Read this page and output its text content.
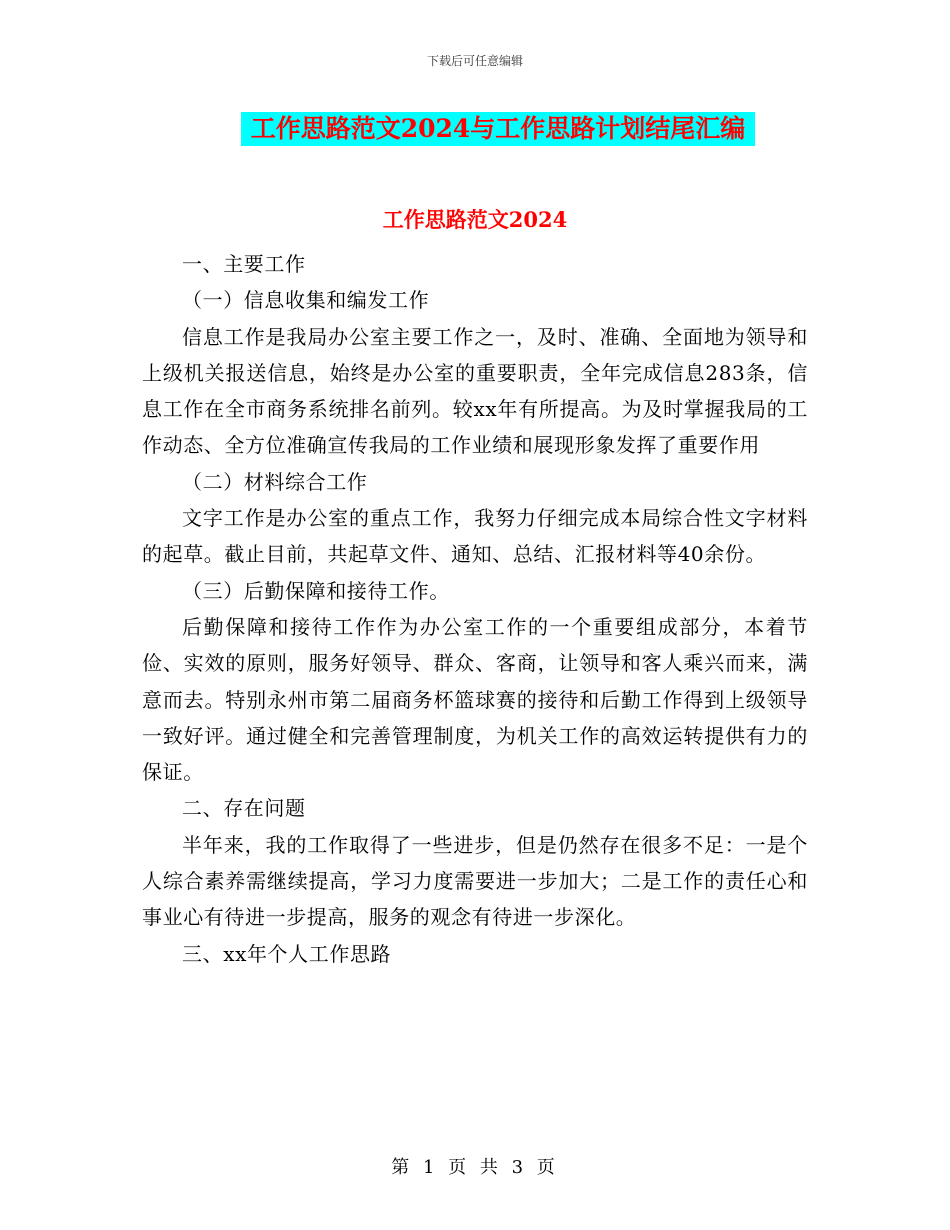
下载后可任意编辑
工作思路范文2024与工作思路计划结尾汇编
工作思路范文2024

一、主要工作

（一）信息收集和编发工作

信息工作是我局办公室主要工作之一，及时、准确、全面地为领导和上级机关报送信息，始终是办公室的重要职责，全年完成信息283条，信息工作在全市商务系统排名前列。较xx年有所提高。为及时掌握我局的工作动态、全方位准确宣传我局的工作业绩和展现形象发挥了重要作用

（二）材料综合工作

文字工作是办公室的重点工作，我努力仔细完成本局综合性文字材料的起草。截止目前，共起草文件、通知、总结、汇报材料等40余份。

（三）后勤保障和接待工作。

后勤保障和接待工作作为办公室工作的一个重要组成部分，本着节俭、实效的原则，服务好领导、群众、客商，让领导和客人乘兴而来，满意而去。特别永州市第二届商务杯篮球赛的接待和后勤工作得到上级领导一致好评。通过健全和完善管理制度，为机关工作的高效运转提供有力的保证。

二、存在问题

半年来，我的工作取得了一些进步，但是仍然存在很多不足：一是个人综合素养需继续提高，学习力度需要进一步加大；二是工作的责任心和事业心有待进一步提高，服务的观念有待进一步深化。

三、xx年个人工作思路

第 1 页 共 3 页
